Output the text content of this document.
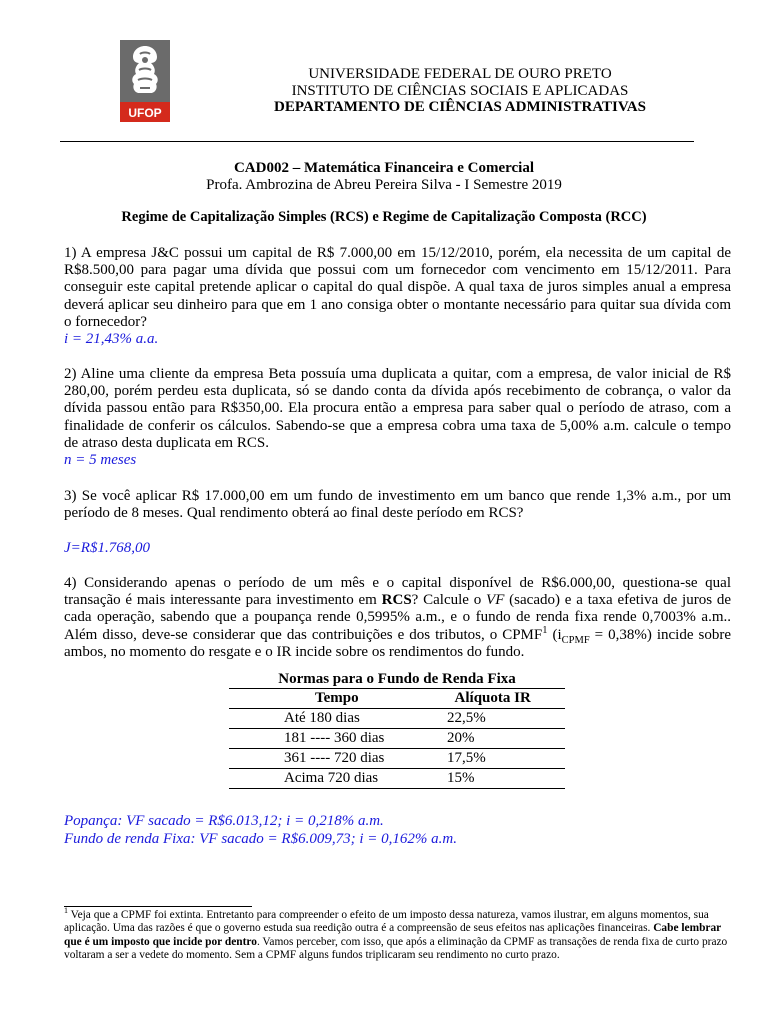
UFOP
UNIVERSIDADE FEDERAL DE OURO PRETO
INSTITUTO DE CIÊNCIAS SOCIAIS E APLICADAS
DEPARTAMENTO DE CIÊNCIAS ADMINISTRATIVAS
CAD002 – Matemática Financeira e Comercial
Profa. Ambrozina de Abreu Pereira Silva - I Semestre 2019
Regime de Capitalização Simples (RCS) e Regime de Capitalização Composta (RCC)

1) A empresa J&C possui um capital de R$ 7.000,00 em 15/12/2010, porém, ela necessita de um capital de R$8.500,00 para pagar uma dívida que possui com um fornecedor com vencimento em 15/12/2011. Para conseguir este capital pretende aplicar o capital do qual dispõe. A qual taxa de juros simples anual a empresa deverá aplicar seu dinheiro para que em 1 ano consiga obter o montante necessário para quitar sua dívida com o fornecedor?

i = 21,43% a.a.

2) Aline uma cliente da empresa Beta possuía uma duplicata a quitar, com a empresa, de valor inicial de R$ 280,00, porém perdeu esta duplicata, só se dando conta da dívida após recebimento de cobrança, o valor da dívida passou então para R$350,00. Ela procura então a empresa para saber qual o período de atraso, com a finalidade de conferir os cálculos. Sabendo-se que a empresa cobra uma taxa de 5,00% a.m. calcule o tempo de atraso desta duplicata em RCS.

n = 5 meses

3) Se você aplicar R$ 17.000,00 em um fundo de investimento em um banco que rende 1,3% a.m., por um período de 8 meses. Qual rendimento obterá ao final deste período em RCS?

J=R$1.768,00

4) Considerando apenas o período de um mês e o capital disponível de R$6.000,00, questiona-se qual transação é mais interessante para investimento em RCS? Calcule o VF (sacado) e a taxa efetiva de juros de cada operação, sabendo que a poupança rende 0,5995% a.m., e o fundo de renda fixa rende 0,7003% a.m.. Além disso, deve-se considerar que das contribuições e dos tributos, o CPMF$^1$ $(i_{CPMF} = 0,38\%)$ incide sobre ambos, no momento do resgate e o IR incide sobre os rendimentos do fundo.

Normas para o Fundo de Renda Fixa
Tempo	Alíquota IR
Até 180 dias	22,5%
181 ---- 360 dias	20%
361 ---- 720 dias	17,5%
Acima 720 dias	15%
Popança: VF sacado = R$6.013,12; i = 0,218% a.m.
Fundo de renda Fixa: VF sacado = R$6.009,73; i = 0,162% a.m.
$^1$ Veja que a CPMF foi extinta. Entretanto para compreender o efeito de um imposto dessa natureza, vamos ilustrar, em alguns momentos, sua aplicação. Uma das razões é que o governo estuda sua reedição outra é a compreensão de seus efeitos nas aplicações financeiras. Cabe lembrar que é um imposto que incide por dentro. Vamos perceber, com isso, que após a eliminação da CPMF as transações de renda fixa de curto prazo voltaram a ser a vedete do momento. Sem a CPMF alguns fundos triplicaram seu rendimento no curto prazo.
